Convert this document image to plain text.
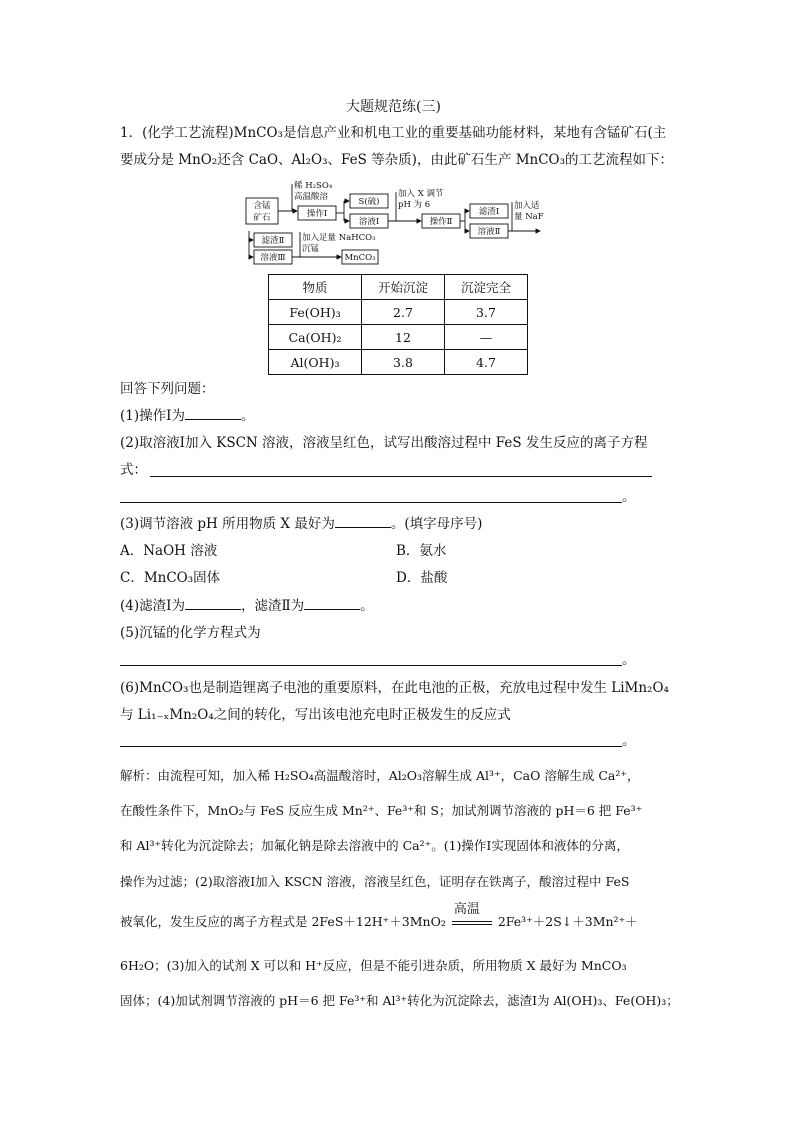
大题规范练(三)
1．(化学工艺流程)MnCO₃是信息产业和机电工业的重要基础功能材料，某地有含锰矿石(主
要成分是 MnO₂还含 CaO、Al₂O₃、FeS 等杂质)，由此矿石生产 MnCO₃的工艺流程如下：
含锰
矿石
稀 H₂SO₄
高温酸溶
操作Ⅰ
S(硫)
溶液Ⅰ
加入 X 调节
pH 为 6
操作Ⅱ
滤渣Ⅰ
溶液Ⅱ
加入适
量 NaF
滤渣Ⅱ
溶液Ⅲ
加入足量 NaHCO₃
沉锰
MnCO₃
物质	开始沉淀	沉淀完全
Fe(OH)₃	2.7	3.7
Ca(OH)₂	12	—
Al(OH)₃	3.8	4.7
回答下列问题：
(1)操作Ⅰ为	。
(2)取溶液Ⅰ加入 KSCN 溶液，溶液呈红色，试写出酸溶过程中 FeS 发生反应的离子方程
式：
。
(3)调节溶液 pH 所用物质 X 最好为	。(填字母序号)
A．NaOH 溶液	B．氨水
C．MnCO₃固体	D．盐酸
(4)滤渣Ⅰ为	，滤渣Ⅱ为	。
(5)沉锰的化学方程式为
。
(6)MnCO₃也是制造锂离子电池的重要原料，在此电池的正极，充放电过程中发生 LiMn₂O₄
与 Li₁₋ₓMn₂O₄之间的转化，写出该电池充电时正极发生的反应式
。
解析：由流程可知，加入稀 H₂SO₄高温酸溶时，Al₂O₃溶解生成 Al³⁺，CaO 溶解生成 Ca²⁺，
在酸性条件下，MnO₂与 FeS 反应生成 Mn²⁺、Fe³⁺和 S；加试剂调节溶液的 pH＝6 把 Fe³⁺
和 Al³⁺转化为沉淀除去；加氟化钠是除去溶液中的 Ca²⁺。(1)操作Ⅰ实现固体和液体的分离，
操作为过滤；(2)取溶液Ⅰ加入 KSCN 溶液，溶液呈红色，证明存在铁离子，酸溶过程中 FeS
被氧化，发生反应的离子方程式是 2FeS＋12H⁺＋3MnO₂
高温
2Fe³⁺＋2S↓＋3Mn²⁺＋
6H₂O；(3)加入的试剂 X 可以和 H⁺反应，但是不能引进杂质，所用物质 X 最好为 MnCO₃
固体；(4)加试剂调节溶液的 pH＝6 把 Fe³⁺和 Al³⁺转化为沉淀除去，滤渣Ⅰ为 Al(OH)₃、Fe(OH)₃；
